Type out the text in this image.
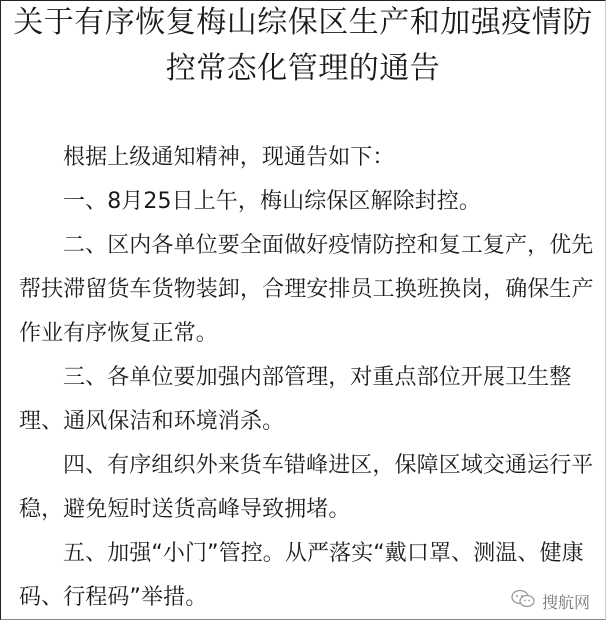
关于有序恢复梅山综保区生产和加强疫情防
控常态化管理的通告
根据上级通知精神，现通告如下：
一、8月25日上午，梅山综保区解除封控。
二、区内各单位要全面做好疫情防控和复工复产，优先
帮扶滞留货车货物装卸，合理安排员工换班换岗，确保生产
作业有序恢复正常。
三、各单位要加强内部管理，对重点部位开展卫生整
理、通风保洁和环境消杀。
四、有序组织外来货车错峰进区，保障区域交通运行平
稳，避免短时送货高峰导致拥堵。
五、加强“小门”管控。从严落实“戴口罩、测温、健康
码、行程码”举措。	搜航网
